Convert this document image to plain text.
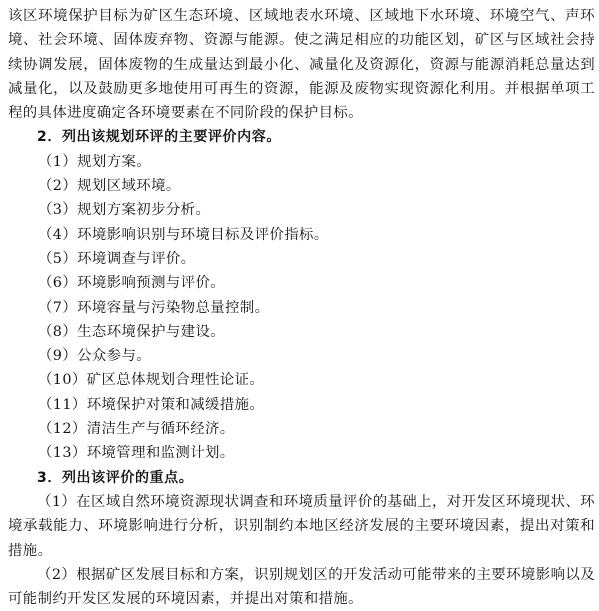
该区环境保护目标为矿区生态环境、区域地表水环境、区域地下水环境、环境空气、声环境、社会环境、固体废弃物、资源与能源。使之满足相应的功能区划，矿区与区域社会持续协调发展，固体废物的生成量达到最小化、减量化及资源化，资源与能源消耗总量达到减量化，以及鼓励更多地使用可再生的资源，能源及废物实现资源化利用。并根据单项工程的具体进度确定各环境要素在不同阶段的保护目标。

2．列出该规划环评的主要评价内容。

（1）规划方案。
（2）规划区域环境。
（3）规划方案初步分析。
（4）环境影响识别与环境目标及评价指标。
（5）环境调查与评价。
（6）环境影响预测与评价。
（7）环境容量与污染物总量控制。
（8）生态环境保护与建设。
（9）公众参与。
（10）矿区总体规划合理性论证。
（11）环境保护对策和减缓措施。
（12）清洁生产与循环经济。
（13）环境管理和监测计划。

3．列出该评价的重点。

（1）在区域自然环境资源现状调查和环境质量评价的基础上，对开发区环境现状、环境承载能力、环境影响进行分析，识别制约本地区经济发展的主要环境因素，提出对策和措施。

（2）根据矿区发展目标和方案，识别规划区的开发活动可能带来的主要环境影响以及可能制约开发区发展的环境因素，并提出对策和措施。
